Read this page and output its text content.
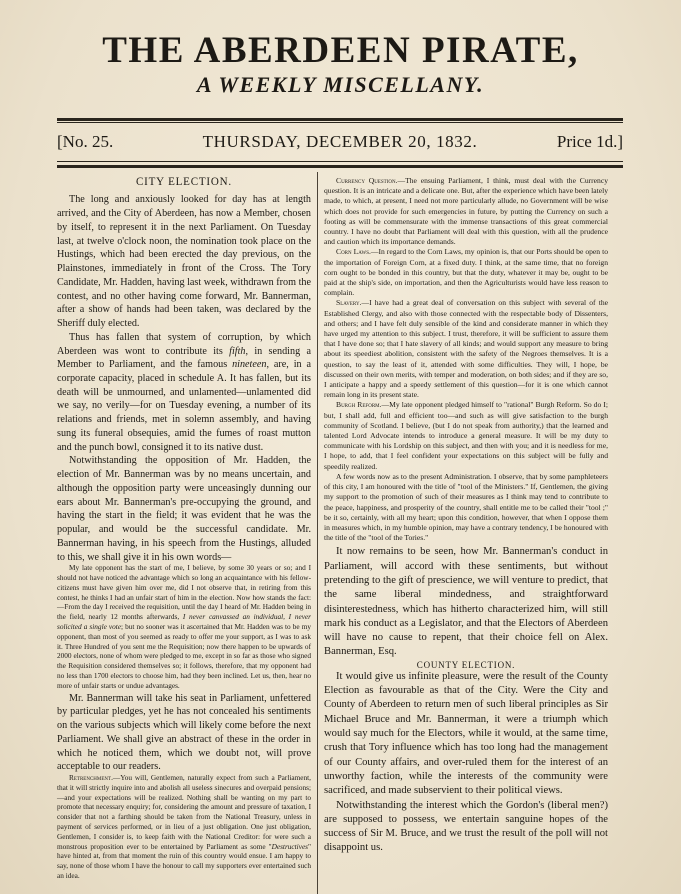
THE ABERDEEN PIRATE,
A WEEKLY MISCELLANY.
[No. 25.	THURSDAY, DECEMBER 20, 1832.	Price 1d.]
CITY ELECTION.

The long and anxiously looked for day has at length arrived, and the City of Aberdeen, has now a Member, chosen by itself, to represent it in the next Parliament. On Tuesday last, at twelve o'clock noon, the nomination took place on the Hustings, which had been erected the day previous, on the Plainstones, immediately in front of the Cross. The Tory Candidate, Mr. Hadden, having last week, withdrawn from the contest, and no other having come forward, Mr. Bannerman, after a show of hands had been taken, was declared by the Sheriff duly elected.

Thus has fallen that system of corruption, by which Aberdeen was wont to contribute its fifth, in sending a Member to Parliament, and the famous nineteen, are, in a corporate capacity, placed in schedule A. It has fallen, but its death will be unmourned, and unlamented—unlamented did we say, no verily—for on Tuesday evening, a number of its relations and friends, met in solemn assembly, and having sung its funeral obsequies, amid the fumes of roast mutton and the punch bowl, consigned it to its native dust.

Notwithstanding the opposition of Mr. Hadden, the election of Mr. Bannerman was by no means uncertain, and although the opposition party were unceasingly dunning our ears about Mr. Bannerman's pre-occupying the ground, and having the start in the field; it was evident that he was the popular, and would be the successful candidate. Mr. Bannerman having, in his speech from the Hustings, alluded to this, we shall give it in his own words—

My late opponent has the start of me, I believe, by some 30 years or so; and I should not have noticed the advantage which so long an acquaintance with his fellow-citizens must have given him over me, did I not observe that, in retiring from this contest, he thinks I had an unfair start of him in the election. Now how stands the fact:—From the day I received the requisition, until the day I heard of Mr. Hadden being in the field, nearly 12 months afterwards, I never canvassed an individual, I never solicited a single vote; but no sooner was it ascertained that Mr. Hadden was to be my opponent, than most of you seemed as ready to offer me your support, as I was to ask it. Three Hundred of you sent me the Requisition; now there happen to be upwards of 2000 electors, none of whom were pledged to me, except in so far as those who signed the Requisition considered themselves so; it follows, therefore, that my opponent had no less than 1700 electors to choose him, had they been inclined. Let us, then, hear no more of unfair starts or undue advantages.

Mr. Bannerman will take his seat in Parliament, unfettered by particular pledges, yet he has not concealed his sentiments on the various subjects which will likely come before the next Parliament. We shall give an abstract of these in the order in which he noticed them, which we doubt not, will prove acceptable to our readers.

Retrenchment.—You will, Gentlemen, naturally expect from such a Parliament, that it will strictly inquire into and abolish all useless sinecures and overpaid pensions;—and your expectations will be realized. Nothing shall be wanting on my part to promote that necessary enquiry; for, considering the amount and pressure of taxation, I consider that not a farthing should be taken from the National Treasury, unless in payment of services performed, or in lieu of a just obligation. One just obligation, Gentlemen, I consider is, to keep faith with the National Creditor: for were such a monstrous proposition ever to be entertained by Parliament as some "Destructives" have hinted at, from that moment the ruin of this country would ensue. I am happy to say, none of those whom I have the honour to call my supporters ever entertained such an idea.

Currency Question.—The ensuing Parliament, I think, must deal with the Currency question. It is an intricate and a delicate one. But, after the experience which have been lately made, to which, at present, I need not more particularly allude, no Government will be wise which does not provide for such emergencies in future, by putting the Currency on such a footing as will be commensurate with the immense transactions of this great commercial country. I have no doubt that Parliament will deal with this question, with all the prudence and caution which its importance demands.

Corn Laws.—In regard to the Corn Laws, my opinion is, that our Ports should be open to the importation of Foreign Corn, at a fixed duty. I think, at the same time, that no foreign corn ought to be bonded in this country, but that the duty, whatever it may be, ought to be paid at the ship's side, on importation, and then the Agriculturists would have less reason to complain.

Slavery.—I have had a great deal of conversation on this subject with several of the Established Clergy, and also with those connected with the respectable body of Dissenters, and others; and I have felt duly sensible of the kind and considerate manner in which they have urged my attention to this subject. I trust, therefore, it will be sufficient to assure them that I have done so; that I hate slavery of all kinds; and would support any measure to bring about its speediest abolition, consistent with the safety of the Negroes themselves. It is a question, to say the least of it, attended with some difficulties. They will, I hope, be discussed on their own merits, with temper and moderation, on both sides; and if they are so, I anticipate a happy and a speedy settlement of this question—for it is one which cannot remain long in its present state.

Burgh Reform.—My late opponent pledged himself to "rational" Burgh Reform. So do I; but, I shall add, full and efficient too—and such as will give satisfaction to the burgh community of Scotland. I believe, (but I do not speak from authority,) that the learned and talented Lord Advocate intends to introduce a general measure. It will be my duty to communicate with his Lordship on this subject, and then with you; and it is needless for me, I hope, to add, that I feel confident your expectations on this subject will be fully and speedily realized.

A few words now as to the present Administration. I observe, that by some pamphleteers of this city, I am honoured with the title of "tool of the Ministers." If, Gentlemen, the giving my support to the promotion of such of their measures as I think may tend to contribute to the peace, happiness, and prosperity of the country, shall entitle me to be called their "tool ;" be it so, certainly, with all my heart; upon this condition, however, that when I oppose them in measures which, in my humble opinion, may have a contrary tendency, I be honoured with the title of the "tool of the Tories."

It now remains to be seen, how Mr. Bannerman's conduct in Parliament, will accord with these sentiments, but without pretending to the gift of prescience, we will venture to predict, that the same liberal mindedness, and straightforward disinterestedness, which has hitherto characterized him, will still mark his conduct as a Legislator, and that the Electors of Aberdeen will have no cause to repent, that their choice fell on Alex. Bannerman, Esq.

COUNTY ELECTION.

It would give us infinite pleasure, were the result of the County Election as favourable as that of the City. Were the City and County of Aberdeen to return men of such liberal principles as Sir Michael Bruce and Mr. Bannerman, it were a triumph which would say much for the Electors, while it would, at the same time, crush that Tory influence which has too long had the management of our County affairs, and over-ruled them for the interest of an unworthy faction, while the interests of the community were sacrificed, and made subservient to their political views.

Notwithstanding the interest which the Gordon's (liberal men?) are supposed to possess, we entertain sanguine hopes of the success of Sir M. Bruce, and we trust the result of the poll will not disappoint us.
